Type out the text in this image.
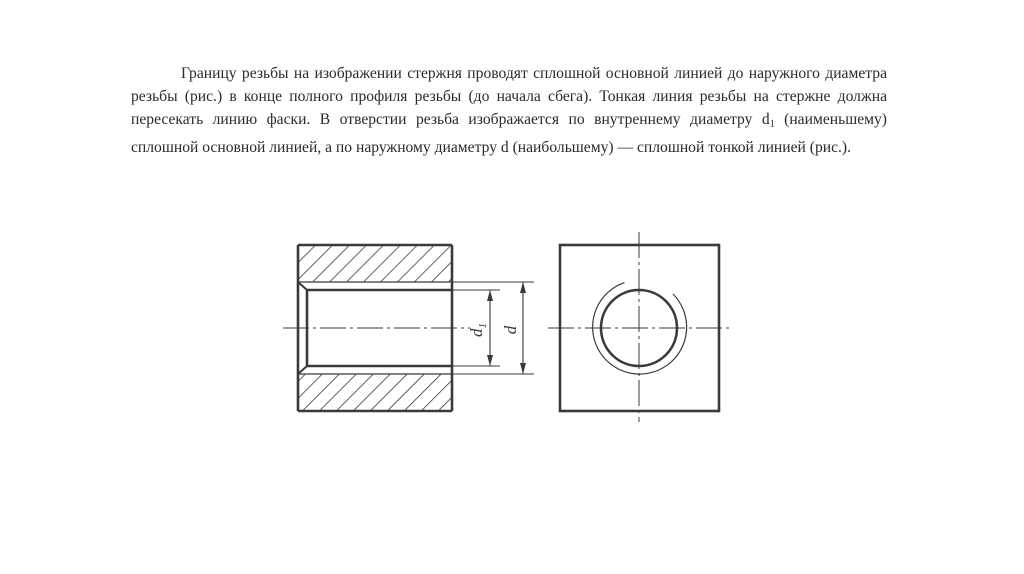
Границу резьбы на изображении стержня проводят сплошной основной линией до наружного диаметра резьбы (рис.) в конце полного профиля резьбы (до начала сбега). Тонкая линия резьбы на стержне должна пересекать линию фаски. В отверстии резьба изображается по внутреннему диаметру $d_1$ (наименьшему) сплошной основной линией, а по наружному диаметру d (наибольшему) — сплошной тонкой линией (рис.).

$d_1$ d
